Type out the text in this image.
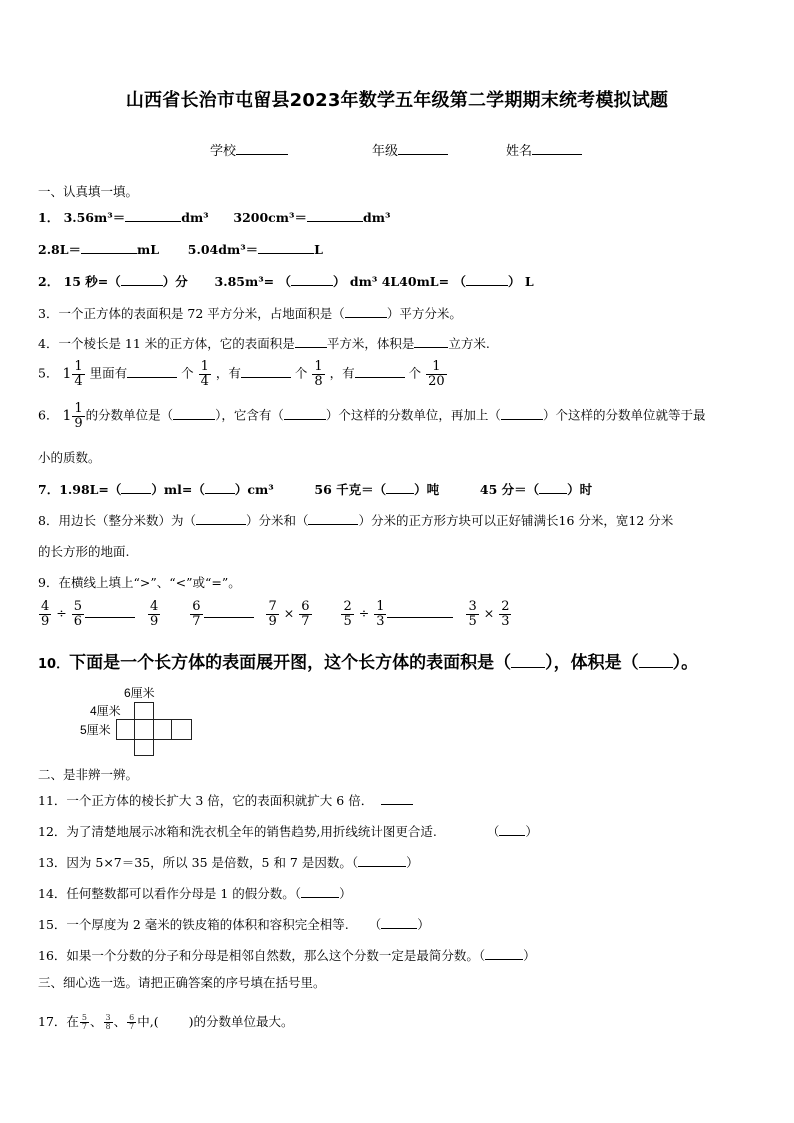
山西省长治市屯留县2023年数学五年级第二学期期末统考模拟试题
学校	年级	姓名
一、认真填一填。
1． 3.56m³＝	dm³ 3200cm³＝	dm³
2.8L＝	mL 5.04dm³＝	L
2． 15 秒=（	）分 3.85m³= （	） dm³ 4L40mL= （	） L
3．一个正方体的表面积是 72 平方分米，占地面积是（	）平方分米。
4．一个棱长是 11 米的正方体，它的表面积是	平方米，体积是	立方米.
5． $1 \frac{1}{4}$ 里面有	个 $\frac{1}{4}$ ，有	个 $\frac{1}{8}$ ，有	个 $\frac{1}{20}$
6． $1 \frac{1}{9}$ 的分数单位是（	），它含有（	）个这样的分数单位，再加上（	）个这样的分数单位就等于最
小的质数。
7．1.98L=（ ）ml=（ ）cm³	56 千克＝（ ）吨	45 分＝（ ）时
8．用边长（整分米数）为（	）分米和（	）分米的正方形方块可以正好铺满长16 分米，宽12 分米
的长方形的地面.
9．在横线上填上“>”、“<”或“=”。
$\frac{4}{9} \div \frac{5}{6}$
	$\frac{4}{9}$
$\frac{6}{7}$
	$\frac{7}{9} \times \frac{6}{7}$
$\frac{2}{5} \div \frac{1}{3}$
	$\frac{3}{5} \times \frac{2}{3}$
10．下面是一个长方体的表面展开图，这个长方体的表面积是（ ），体积是（ ）。
6厘米
4厘米
5厘米
二、是非辨一辨。
11．一个正方体的棱长扩大 3 倍，它的表面积就扩大 6 倍．
12．为了清楚地展示冰箱和洗衣机全年的销售趋势,用折线统计图更合适.	（ ）
13．因为 5×7＝35，所以 35 是倍数，5 和 7 是因数。（	）
14．任何整数都可以看作分母是 1 的假分数。（	）
15．一个厚度为 2 毫米的铁皮箱的体积和容积完全相等. （	）
16．如果一个分数的分子和分母是相邻自然数，那么这个分数一定是最简分数。（	）
三、细心选一选。请把正确答案的序号填在括号里。
17．在 $\frac{5}{7}$ 、 $\frac{3}{8}$ 、 $\frac{6}{7}$ 中,( )的分数单位最大。
